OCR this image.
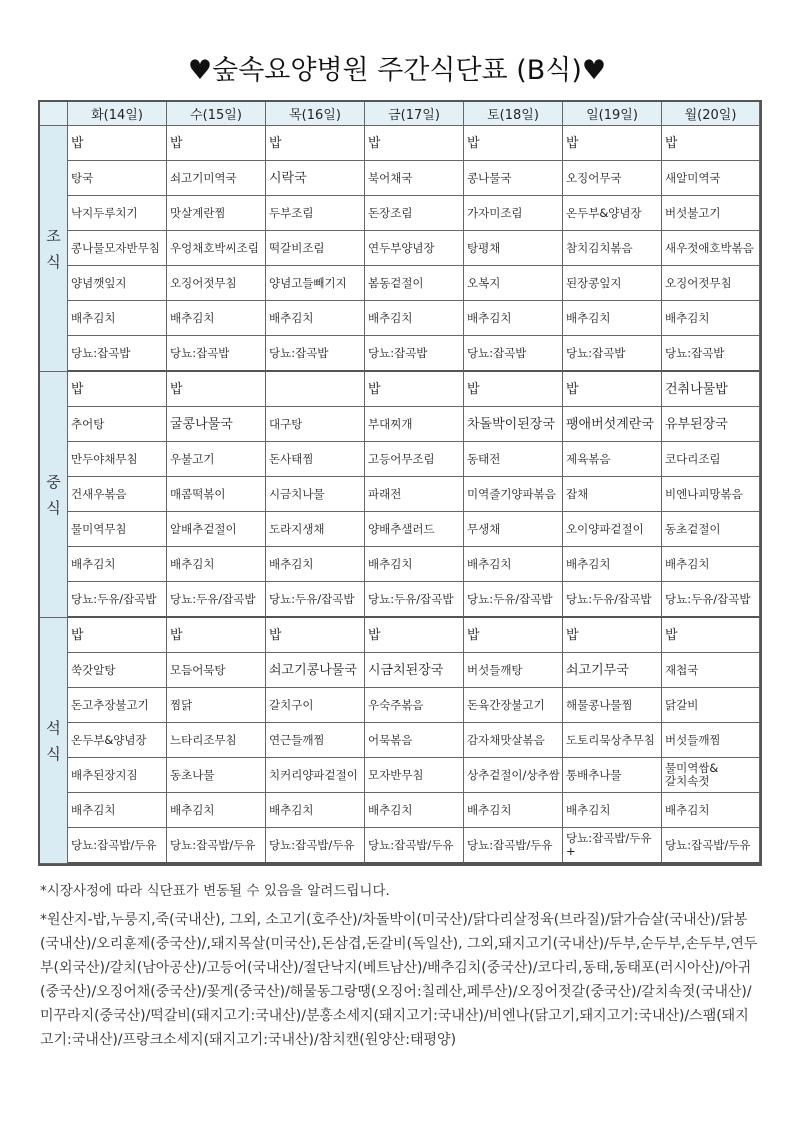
♥숲속요양병원 주간식단표 (B식)♥
	화(14일)	수(15일)	목(16일)	금(17일)	토(18일)	일(19일)	월(20일)

조
식	밥	밥	밥	밥	밥	밥	밥
	탕국	쇠고기미역국	시락국	북어채국	콩나물국	오징어무국	새알미역국
	낙지두루치기	맛살계란찜	두부조림	돈장조림	가자미조림	온두부&양념장	버섯불고기
	콩나물모자반무침	우엉채호박씨조림	떡갈비조림	연두부양념장	탕평채	참치김치볶음	새우젓애호박볶음
	양념깻잎지	오징어젓무침	양념고들빼기지	봄동겉절이	오복지	된장콩잎지	오징어젓무침
	배추김치	배추김치	배추김치	배추김치	배추김치	배추김치	배추김치
	당뇨:잡곡밥	당뇨:잡곡밥	당뇨:잡곡밥	당뇨:잡곡밥	당뇨:잡곡밥	당뇨:잡곡밥	당뇨:잡곡밥

중
식	밥	밥		밥	밥	밥	건취나물밥
	추어탕	굴콩나물국	대구탕	부대찌개	차돌박이된장국	팽애버섯계란국	유부된장국
	만두야채무침	우불고기	돈사태찜	고등어무조림	동태전	제육볶음	코다리조림
	건새우볶음	매콤떡볶이	시금치나물	파래전	미역줄기양파볶음	잡채	비엔나피망볶음
	물미역무침	알배추겉절이	도라지생채	양배추샐러드	무생채	오이양파겉절이	동초겉절이
	배추김치	배추김치	배추김치	배추김치	배추김치	배추김치	배추김치
	당뇨:두유/잡곡밥	당뇨:두유/잡곡밥	당뇨:두유/잡곡밥	당뇨:두유/잡곡밥	당뇨:두유/잡곡밥	당뇨:두유/잡곡밥	당뇨:두유/잡곡밥

석
식	밥	밥	밥	밥	밥	밥	밥
	쑥갓알탕	모듬어묵탕	쇠고기콩나물국	시금치된장국	버섯들깨탕	쇠고기무국	재첩국
	돈고추장불고기	찜닭	갈치구이	우숙주볶음	돈육간장불고기	해물콩나물찜	닭갈비
	온두부&양념장	느타리조무침	연근들깨찜	어묵볶음	감자채맛살볶음	도토리묵상추무침	버섯들깨찜
	배추된장지짐	동초나물	치커리양파겉절이	모자반무침	상추겉절이/상추쌈	통배추나물	물미역쌈& 갈치속젓
	배추김치	배추김치	배추김치	배추김치	배추김치	배추김치	배추김치
	당뇨:잡곡밥/두유	당뇨:잡곡밥/두유	당뇨:잡곡밥/두유	당뇨:잡곡밥/두유	당뇨:잡곡밥/두유	당뇨:잡곡밥/두유+	당뇨:잡곡밥/두유

*시장사정에 따라 식단표가 변동될 수 있음을 알려드립니다.

*원산지-밥,누룽지,죽(국내산), 그외, 소고기(호주산)/차돌박이(미국산)/닭다리살정육(브라질)/닭가슴살(국내산)/닭봉(국내산)/오리훈제(중국산)/,돼지목살(미국산),돈삼겹,돈갈비(독일산), 그외,돼지고기(국내산)/두부,순두부,손두부,연두부(외국산)/갈치(남아공산)/고등어(국내산)/절단낙지(베트남산)/배추김치(중국산)/코다리,동태,동태포(러시아산)/아귀(중국산)/오징어채(중국산)/꽃게(중국산)/해물동그랑땡(오징어:칠레산,페루산)/오징어젓갈(중국산)/갈치속젓(국내산)/미꾸라지(중국산)/떡갈비(돼지고기:국내산)/분홍소세지(돼지고기:국내산)/비엔나(닭고기,돼지고기:국내산)/스팸(돼지고기:국내산)/프랑크소세지(돼지고기:국내산)/참치캔(원양산:태평양)
